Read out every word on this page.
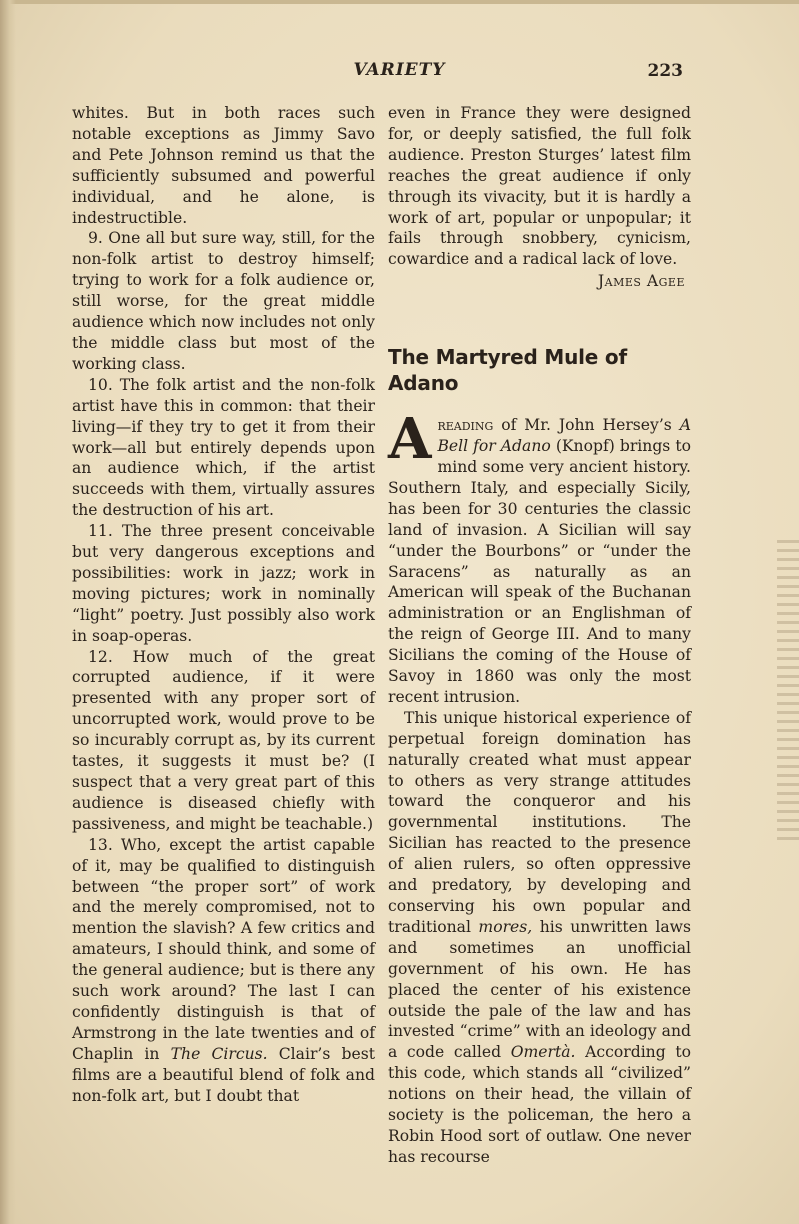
VARIETY	223

whites. But in both races such notable exceptions as Jimmy Savo and Pete Johnson remind us that the sufficiently subsumed and powerful individual, and he alone, is indestructible.

9. One all but sure way, still, for the non-folk artist to destroy himself; trying to work for a folk audience or, still worse, for the great middle audience which now includes not only the middle class but most of the working class.

10. The folk artist and the non-folk artist have this in common: that their living—if they try to get it from their work—all but entirely depends upon an audience which, if the artist succeeds with them, virtually assures the destruction of his art.

11. The three present conceivable but very dangerous exceptions and possibilities: work in jazz; work in moving pictures; work in nominally “light” poetry. Just possibly also work in soap-operas.

12. How much of the great corrupted audience, if it were presented with any proper sort of uncorrupted work, would prove to be so incurably corrupt as, by its current tastes, it suggests it must be? (I suspect that a very great part of this audience is diseased chiefly with passiveness, and might be teachable.)

13. Who, except the artist capable of it, may be qualified to distinguish between “the proper sort” of work and the merely compromised, not to mention the slavish? A few critics and amateurs, I should think, and some of the general audience; but is there any such work around? The last I can confidently distinguish is that of Armstrong in the late twenties and of Chaplin in The Circus. Clair’s best films are a beautiful blend of folk and non-folk art, but I doubt that

even in France they were designed for, or deeply satisfied, the full folk audience. Preston Sturges’ latest film reaches the great audience if only through its vivacity, but it is hardly a work of art, popular or unpopular; it fails through snobbery, cynicism, cowardice and a radical lack of love.

James Agee
The Martyred Mule of Adano

Areading of Mr. John Hersey’s A Bell for Adano (Knopf) brings to mind some very ancient history. Southern Italy, and especially Sicily, has been for 30 centuries the classic land of invasion. A Sicilian will say “under the Bourbons” or “under the Saracens” as naturally as an American will speak of the Buchanan administration or an Englishman of the reign of George III. And to many Sicilians the coming of the House of Savoy in 1860 was only the most recent intrusion.

This unique historical experience of perpetual foreign domination has naturally created what must appear to others as very strange attitudes toward the conqueror and his governmental institutions. The Sicilian has reacted to the presence of alien rulers, so often oppressive and predatory, by developing and conserving his own popular and traditional mores, his unwritten laws and sometimes an unofficial government of his own. He has placed the center of his existence outside the pale of the law and has invested “crime” with an ideology and a code called Omertà. According to this code, which stands all “civilized” notions on their head, the villain of society is the policeman, the hero a Robin Hood sort of outlaw. One never has recourse
